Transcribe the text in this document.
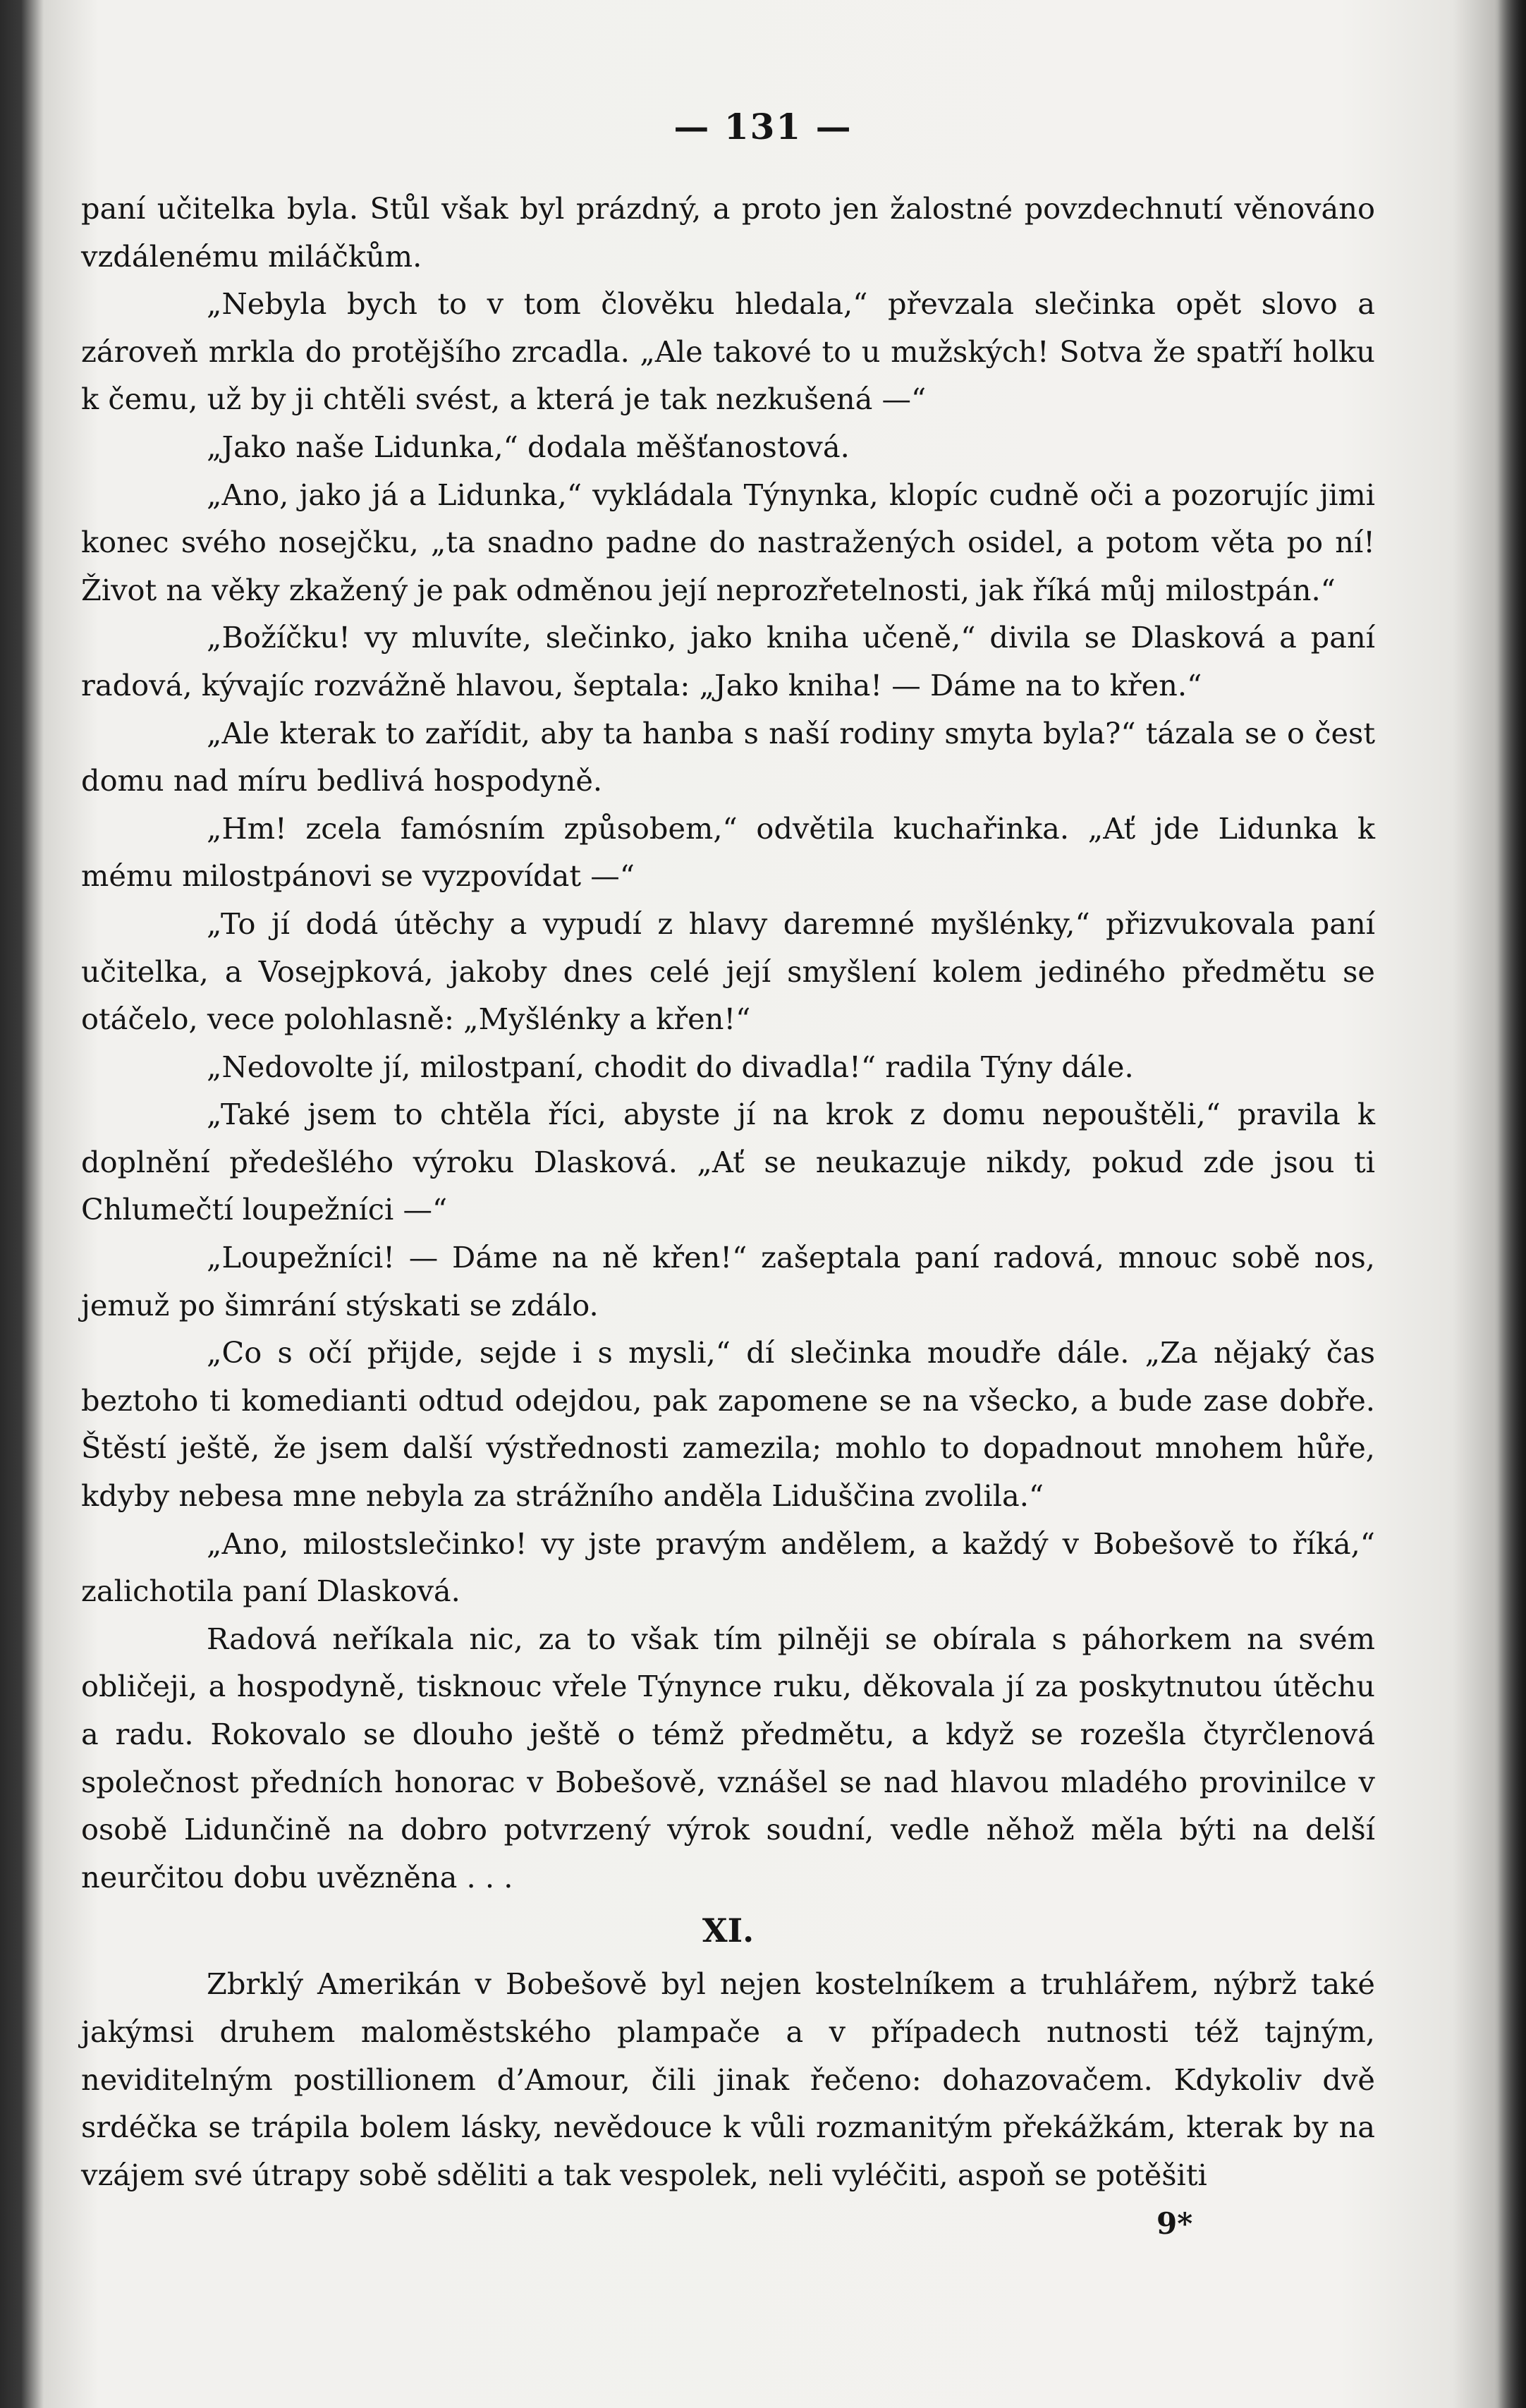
— 131 —

paní učitelka byla. Stůl však byl prázdný, a proto jen žalostné povzdechnutí věnováno vzdálenému miláčkům.

„Nebyla bych to v tom člověku hledala,“ převzala slečinka opět slovo a zároveň mrkla do protějšího zrcadla. „Ale takové to u mužských! Sotva že spatří holku k čemu, už by ji chtěli svést, a která je tak nezkušená —“

„Jako naše Lidunka,“ dodala měšťanostová.

„Ano, jako já a Lidunka,“ vykládala Týnynka, klopíc cudně oči a pozorujíc jimi konec svého nosejčku, „ta snadno padne do nastražených osidel, a potom věta po ní! Život na věky zkažený je pak odměnou její neprozřetelnosti, jak říká můj milostpán.“

„Božíčku! vy mluvíte, slečinko, jako kniha učeně,“ divila se Dlasková a paní radová, kývajíc rozvážně hlavou, šeptala: „Jako kniha! — Dáme na to křen.“

„Ale kterak to zařídit, aby ta hanba s naší rodiny smyta byla?“ tázala se o čest domu nad míru bedlivá hospodyně.

„Hm! zcela famósním způsobem,“ odvětila kuchařinka. „Ať jde Lidunka k mému milostpánovi se vyzpovídat —“

„To jí dodá útěchy a vypudí z hlavy daremné myšlénky,“ přizvukovala paní učitelka, a Vosejpková, jakoby dnes celé její smyšlení kolem jediného předmětu se otáčelo, vece polohlasně: „Myšlénky a křen!“

„Nedovolte jí, milostpaní, chodit do divadla!“ radila Týny dále.

„Také jsem to chtěla říci, abyste jí na krok z domu nepouštěli,“ pravila k doplnění předešlého výroku Dlasková. „Ať se neukazuje nikdy, pokud zde jsou ti Chlumečtí loupežníci —“

„Loupežníci! — Dáme na ně křen!“ zašeptala paní radová, mnouc sobě nos, jemuž po šimrání stýskati se zdálo.

„Co s očí přijde, sejde i s mysli,“ dí slečinka moudře dále. „Za nějaký čas beztoho ti komedianti odtud odejdou, pak zapomene se na všecko, a bude zase dobře. Štěstí ještě, že jsem další výstřednosti zamezila; mohlo to dopadnout mnohem hůře, kdyby nebesa mne nebyla za strážního anděla Liduščina zvolila.“

„Ano, milostslečinko! vy jste pravým andělem, a každý v Bobešově to říká,“ zalichotila paní Dlasková.

Radová neříkala nic, za to však tím pilněji se obírala s páhorkem na svém obličeji, a hospodyně, tisknouc vřele Týnynce ruku, děkovala jí za poskytnutou útěchu a radu. Rokovalo se dlouho ještě o témž předmětu, a když se rozešla čtyrčlenová společnost předních honorac v Bobešově, vznášel se nad hlavou mladého provinilce v osobě Lidunčině na dobro potvrzený výrok soudní, vedle něhož měla býti na delší neurčitou dobu uvězněna . . .

XI.

Zbrklý Amerikán v Bobešově byl nejen kostelníkem a truhlářem, nýbrž také jakýmsi druhem maloměstského plampače a v případech nutnosti též tajným, neviditelným postillionem d’Amour, čili jinak řečeno: dohazovačem. Kdykoliv dvě srdéčka se trápila bolem lásky, nevědouce k vůli rozmanitým překážkám, kterak by na vzájem své útrapy sobě sděliti a tak vespolek, neli vyléčiti, aspoň se potěšiti

9*
